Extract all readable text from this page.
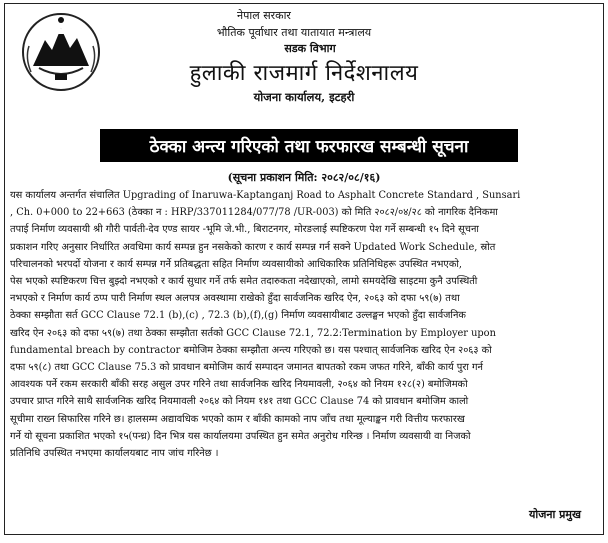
नेपाल सरकार
भौतिक पूर्वाधार तथा यातायात मन्त्रालय
सडक विभाग
हुलाकी राजमार्ग निर्देशनालय
योजना कार्यालय, इटहरी
ठेक्का अन्त्य गरिएको तथा फरफारख सम्बन्धी सूचना
(सूचना प्रकाशन मिति: २०८२/०८/१६)
यस कार्यालय अन्तर्गत संचालित Upgrading of Inaruwa-Kaptanganj Road to Asphalt Concrete Standard , Sunsari
, Ch. 0+000 to 22+663 (ठेक्का न : HRP/337011284/077/78 /UR-003) को मिति २०८२/०४/२८ को नागरिक दैनिकमा
तपाई निर्माण व्यवसायी श्री गौरी पार्वती-देव एण्ड सायर -भूमि जे.भी., बिराटनगर, मोरङलाई स्पष्टिकरण पेश गर्ने सम्बन्धी १५ दिने सूचना
प्रकाशन गरिए अनुसार निर्धारित अवधिमा कार्य सम्पन्न हुन नसकेको कारण र कार्य सम्पन्न गर्न सक्ने Updated Work Schedule, स्रोत
परिचालनको भरपर्दो योजना र कार्य सम्पन्न गर्ने प्रतिबद्धता सहित निर्माण व्यवसायीको आधिकारिक प्रतिनिधिहरू उपस्थित नभएको,
पेस भएको स्पष्टिकरण चित्त बुझ्दो नभएको र कार्य सुधार गर्ने तर्फ समेत तदारुकता नदेखाएको, लामो समयदेखि साइटमा कुनै उपस्थिती
नभएको र निर्माण कार्य ठप्प पारी निर्माण स्थल अलपत्र अवस्थामा राखेको हुँदा सार्वजनिक खरिद ऐन, २०६३ को दफा ५९(७) तथा
ठेक्का सम्झौता सर्त GCC Clause 72.1 (b),(c) , 72.3 (b),(f),(g) निर्माण व्यवसायीबाट उल्लङ्घन भएको हुँदा सार्वजनिक
खरिद ऐन २०६३ को दफा ५९(७) तथा ठेक्का सम्झौता सर्तको GCC Clause 72.1, 72.2:Termination by Employer upon
fundamental breach by contractor बमोजिम ठेक्का सम्झौता अन्त्य गरिएको छ। यस पश्चात् सार्वजनिक खरिद ऐन २०६३ को
दफा ५९(८) तथा GCC Clause 75.3 को प्रावधान बमोजिम कार्य सम्पादन जमानत बापतको रकम जफत गरिने, बाँकी कार्य पुरा गर्न
आवश्यक पर्ने रकम सरकारी बाँकी सरह असुल उपर गरिने तथा सार्वजनिक खरिद नियमावली, २०६४ को नियम १२८(२) बमोजिमको
उपचार प्राप्त गरिने साथै सार्वजनिक खरिद नियमावली २०६४ को नियम १४१ तथा GCC Clause 74 को प्रावधान बमोजिम कालो
सूचीमा राख्न सिफारिस गरिने छ। हालसम्म अद्यावधिक भएको काम र बाँकी कामको नाप जाँच तथा मूल्याङ्कन गरी वित्तीय फरफारख
गर्ने यो सूचना प्रकाशित भएको १५(पन्ध्र) दिन भित्र यस कार्यालयमा उपस्थित हुन समेत अनुरोध गरिन्छ । निर्माण व्यवसायी वा निजको
प्रतिनिधि उपस्थित नभएमा कार्यालयबाट नाप जांच गरिनेछ ।
योजना प्रमुख
